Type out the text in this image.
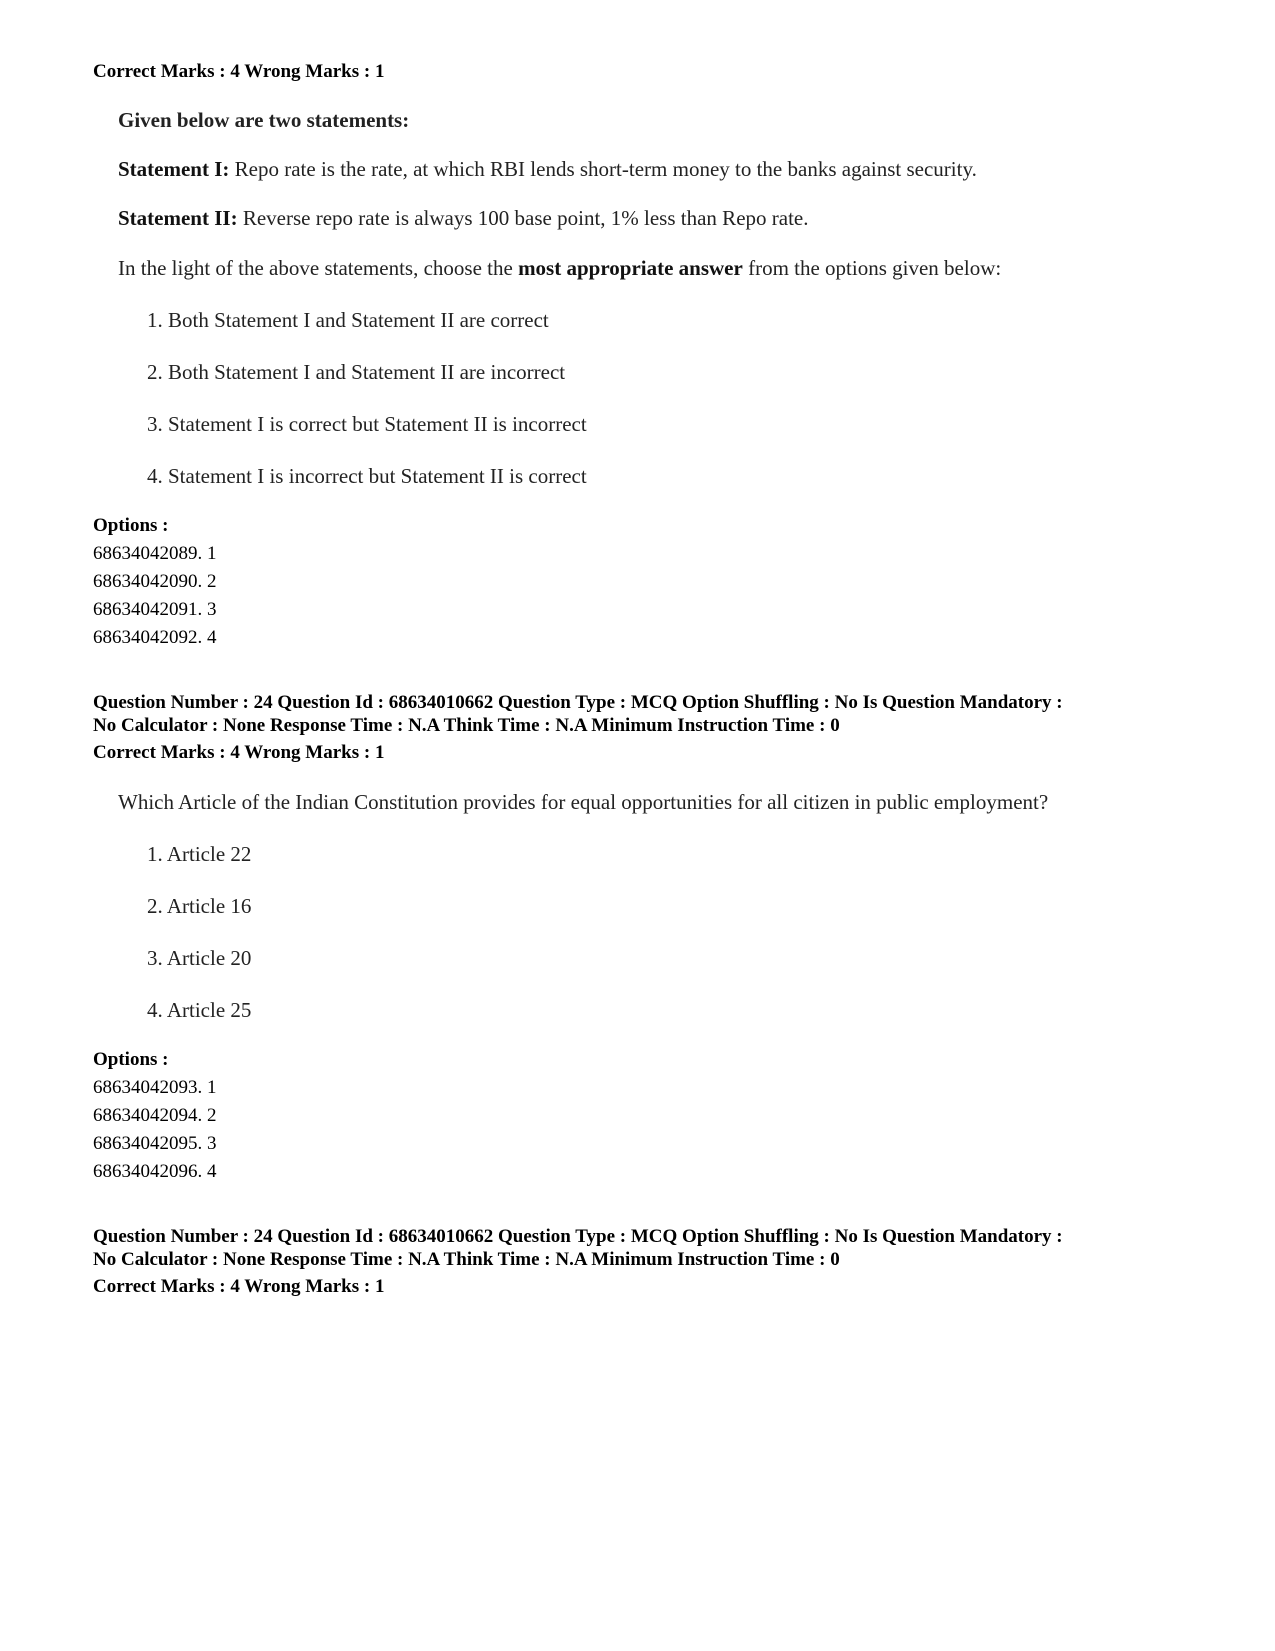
Correct Marks : 4 Wrong Marks : 1
Given below are two statements:
Statement I: Repo rate is the rate, at which RBI lends short-term money to the banks against security.
Statement II: Reverse repo rate is always 100 base point, 1% less than Repo rate.
In the light of the above statements, choose the most appropriate answer from the options given below:
1. Both Statement I and Statement II are correct
2. Both Statement I and Statement II are incorrect
3. Statement I is correct but Statement II is incorrect
4. Statement I is incorrect but Statement II is correct
Options :
68634042089. 1
68634042090. 2
68634042091. 3
68634042092. 4
Question Number : 24 Question Id : 68634010662 Question Type : MCQ Option Shuffling : No Is Question Mandatory :
No Calculator : None Response Time : N.A Think Time : N.A Minimum Instruction Time : 0
Correct Marks : 4 Wrong Marks : 1
Which Article of the Indian Constitution provides for equal opportunities for all citizen in public employment?
1. Article 22
2. Article 16
3. Article 20
4. Article 25
Options :
68634042093. 1
68634042094. 2
68634042095. 3
68634042096. 4
Question Number : 24 Question Id : 68634010662 Question Type : MCQ Option Shuffling : No Is Question Mandatory :
No Calculator : None Response Time : N.A Think Time : N.A Minimum Instruction Time : 0
Correct Marks : 4 Wrong Marks : 1
